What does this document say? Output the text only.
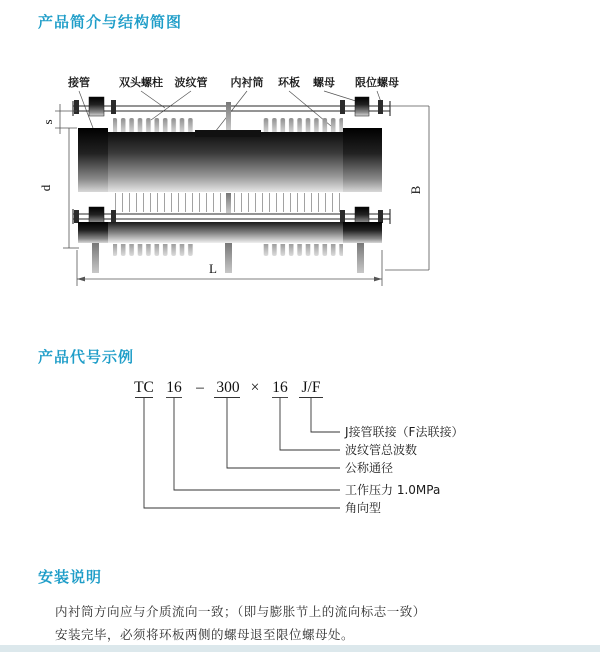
产品简介与结构简图
接管	双头螺柱 波纹管 内衬筒 环板 螺母 限位螺母
s
d	B
L
产品代号示例
TC 16 – 300 × 16 J/F
J接管联接（F法联接）
波纹管总波数
公称通径
工作压力 1.0MPa
角向型
安装说明

内衬筒方向应与介质流向一致；（即与膨胀节上的流向标志一致）

安装完毕，必须将环板两侧的螺母退至限位螺母处。
